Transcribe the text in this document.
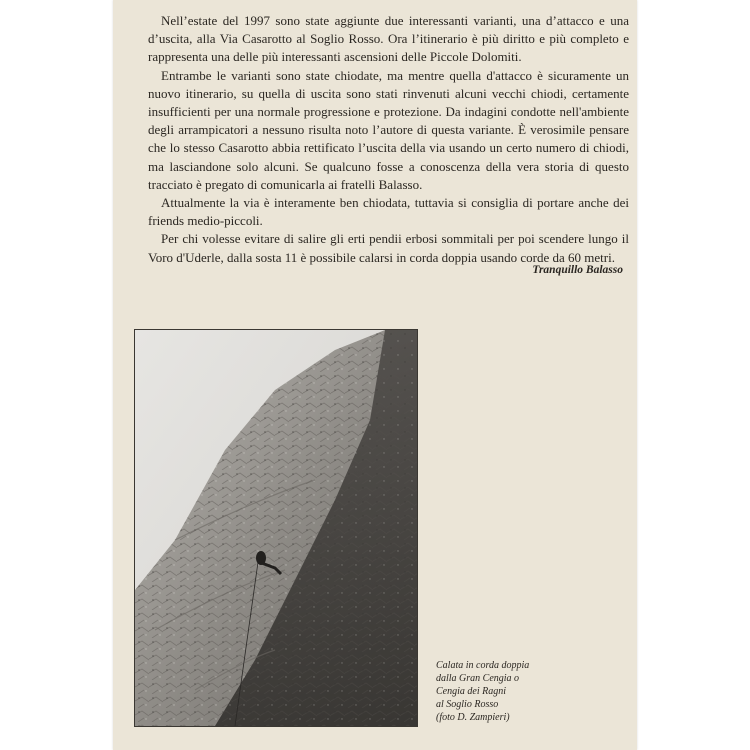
Nell’estate del 1997 sono state aggiunte due interessanti varianti, una d’attacco e una d’uscita, alla Via Casarotto al Soglio Rosso. Ora l’itinerario è più diritto e più completo e rappresenta una delle più interessanti ascensioni delle Piccole Dolomiti.

Entrambe le varianti sono state chiodate, ma mentre quella d'attacco è sicuramente un nuovo itinerario, su quella di uscita sono stati rinvenuti alcuni vecchi chiodi, certamente insufficienti per una normale progressione e protezione. Da indagini condotte nell'ambiente degli arrampicatori a nessuno risulta noto l’autore di questa variante. È verosimile pensare che lo stesso Casarotto abbia rettificato l’uscita della via usando un certo numero di chiodi, ma lasciandone solo alcuni. Se qualcuno fosse a conoscenza della vera storia di questo tracciato è pregato di comunicarla ai fratelli Balasso.

Attualmente la via è interamente ben chiodata, tuttavia si consiglia di portare anche dei friends medio-piccoli.

Per chi volesse evitare di salire gli erti pendii erbosi sommitali per poi scendere lungo il Voro d'Uderle, dalla sosta 11 è possibile calarsi in corda doppia usando corde da 60 metri.

Tranquillo Balasso
Calata in corda doppia
dalla Gran Cengia o
Cengia dei Ragni
al Soglio Rosso
(foto D. Zampieri)
